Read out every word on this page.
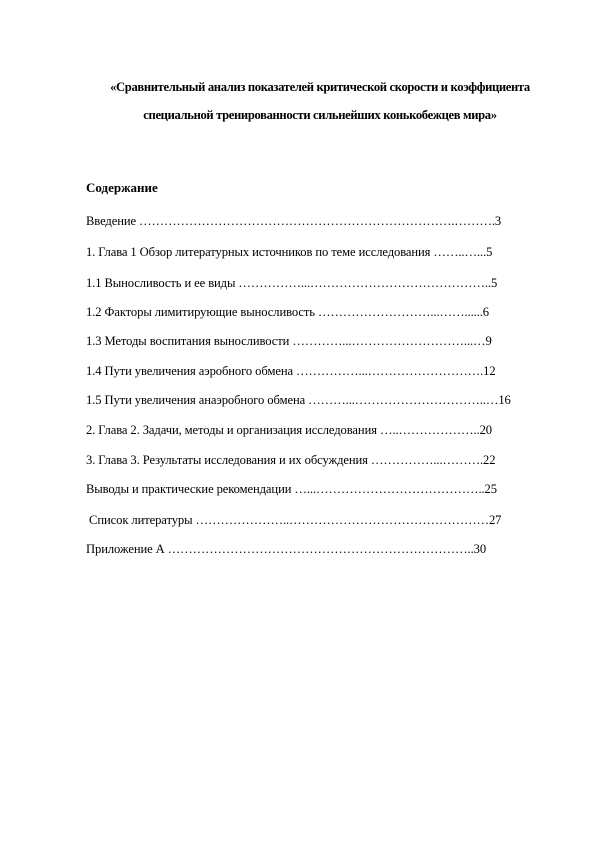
«Сравнительный анализ показателей критической скорости и коэффициента
специальной тренированности сильнейших конькобежцев мира»
Содержание
Введение ………………………………………………………………….……….3
1. Глава 1 Обзор литературных источников по теме исследования ……..…...5
1.1 Выносливость и ее виды ……………...……………………………………..5
1.2 Факторы лимитирующие выносливость ………………………...……......6
1.3 Методы воспитания выносливости …………...………………………...…9
1.4 Пути увеличения аэробного обмена ……………...……………………….12
1.5 Пути увеличения анаэробного обмена ………...…………………………..…16
2. Глава 2. Задачи, методы и организация исследования …..………………..20
3. Глава 3. Результаты исследования и их обсуждения ……………...……….22
Выводы и практические рекомендации …...…………………………………..25
Список литературы …………………..…………………………………………27
Приложение А ………………………………………………………………..30
